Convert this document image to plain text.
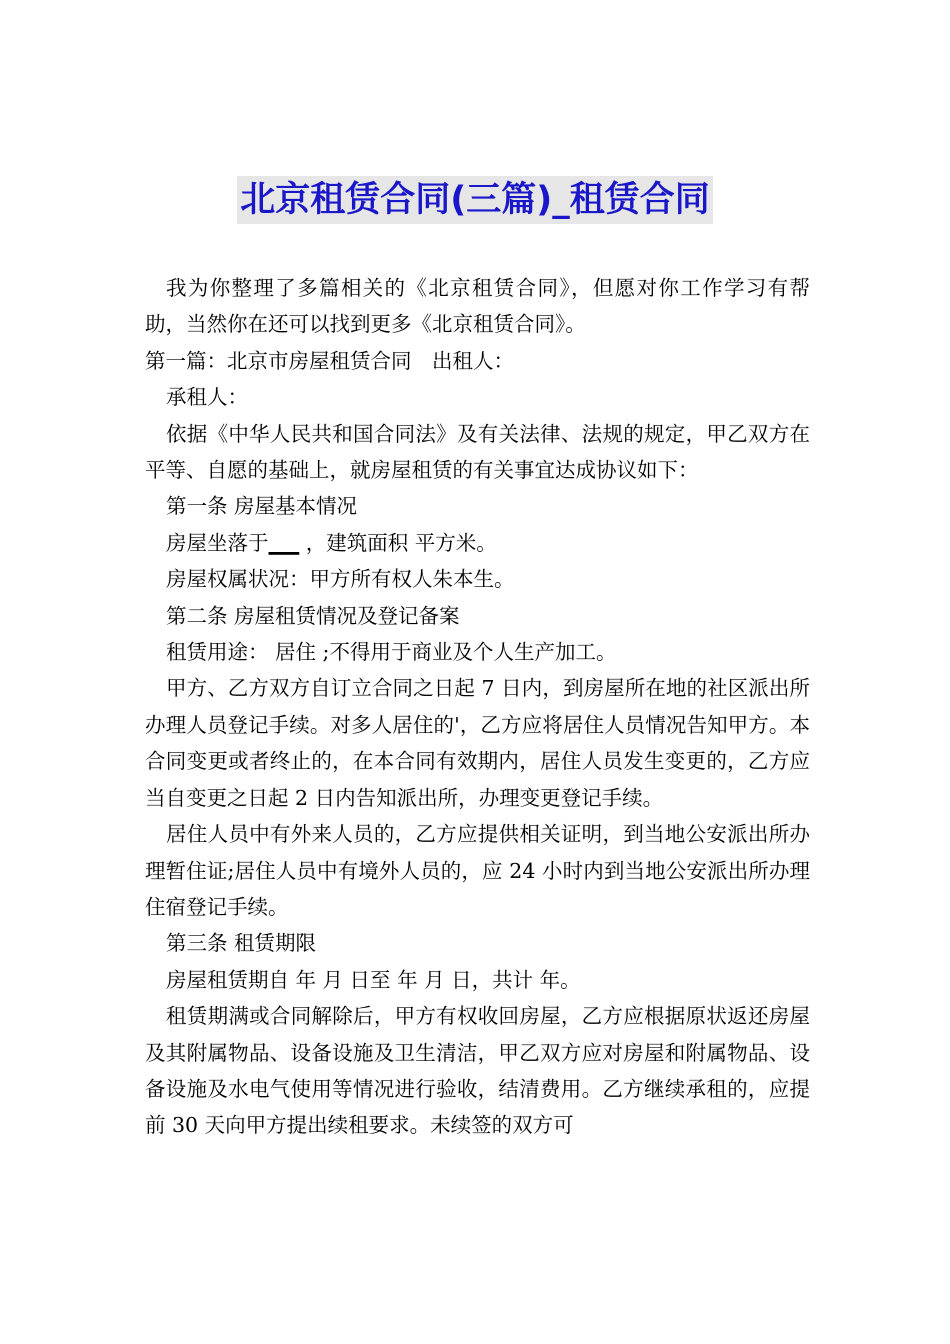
北京租赁合同(三篇)_租赁合同

我为你整理了多篇相关的《北京租赁合同》，但愿对你工作学习有帮助，当然你在还可以找到更多《北京租赁合同》。

第一篇：北京市房屋租赁合同　出租人：

承租人：

依据《中华人民共和国合同法》及有关法律、法规的规定，甲乙双方在平等、自愿的基础上，就房屋租赁的有关事宜达成协议如下：

第一条 房屋基本情况

房屋坐落于___ ，建筑面积 平方米。

房屋权属状况：甲方所有权人朱本生。

第二条 房屋租赁情况及登记备案

租赁用途： 居住 ;不得用于商业及个人生产加工。

甲方、乙方双方自订立合同之日起 7 日内，到房屋所在地的社区派出所办理人员登记手续。对多人居住的'，乙方应将居住人员情况告知甲方。本合同变更或者终止的，在本合同有效期内，居住人员发生变更的，乙方应当自变更之日起 2 日内告知派出所，办理变更登记手续。

居住人员中有外来人员的，乙方应提供相关证明，到当地公安派出所办理暂住证;居住人员中有境外人员的，应 24 小时内到当地公安派出所办理住宿登记手续。

第三条 租赁期限

房屋租赁期自 年 月 日至 年 月 日，共计 年。

租赁期满或合同解除后，甲方有权收回房屋，乙方应根据原状返还房屋及其附属物品、设备设施及卫生清洁，甲乙双方应对房屋和附属物品、设备设施及水电气使用等情况进行验收，结清费用。乙方继续承租的，应提前 30 天向甲方提出续租要求。未续签的双方可
